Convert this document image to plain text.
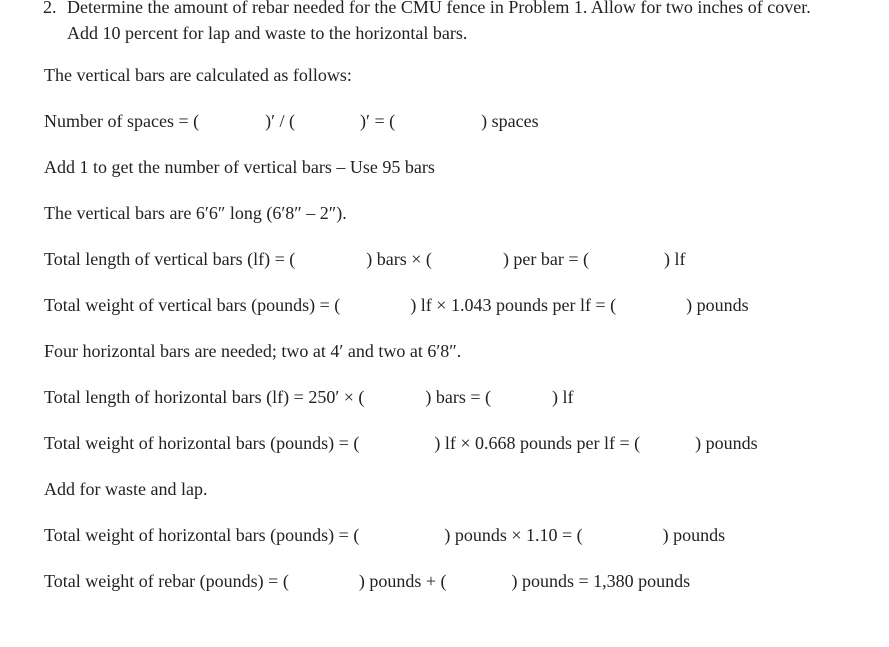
2. Determine the amount of rebar needed for the CMU fence in Problem 1. Allow for two inches of cover. Add 10 percent for lap and waste to the horizontal bars.
The vertical bars are calculated as follows:
Number of spaces = (	)′ / (	)′ = (	) spaces
Add 1 to get the number of vertical bars – Use 95 bars
The vertical bars are 6′6″ long (6′8″ – 2″).
Total length of vertical bars (lf) = (	) bars × (	) per bar = (	) lf
Total weight of vertical bars (pounds) = (	) lf × 1.043 pounds per lf = (	) pounds
Four horizontal bars are needed; two at 4′ and two at 6′8″.
Total length of horizontal bars (lf) = 250′ × (	) bars = (	) lf
Total weight of horizontal bars (pounds) = (	) lf × 0.668 pounds per lf = (	) pounds
Add for waste and lap.
Total weight of horizontal bars (pounds) = (	) pounds × 1.10 = (	) pounds
Total weight of rebar (pounds) = (	) pounds + (	) pounds = 1,380 pounds
